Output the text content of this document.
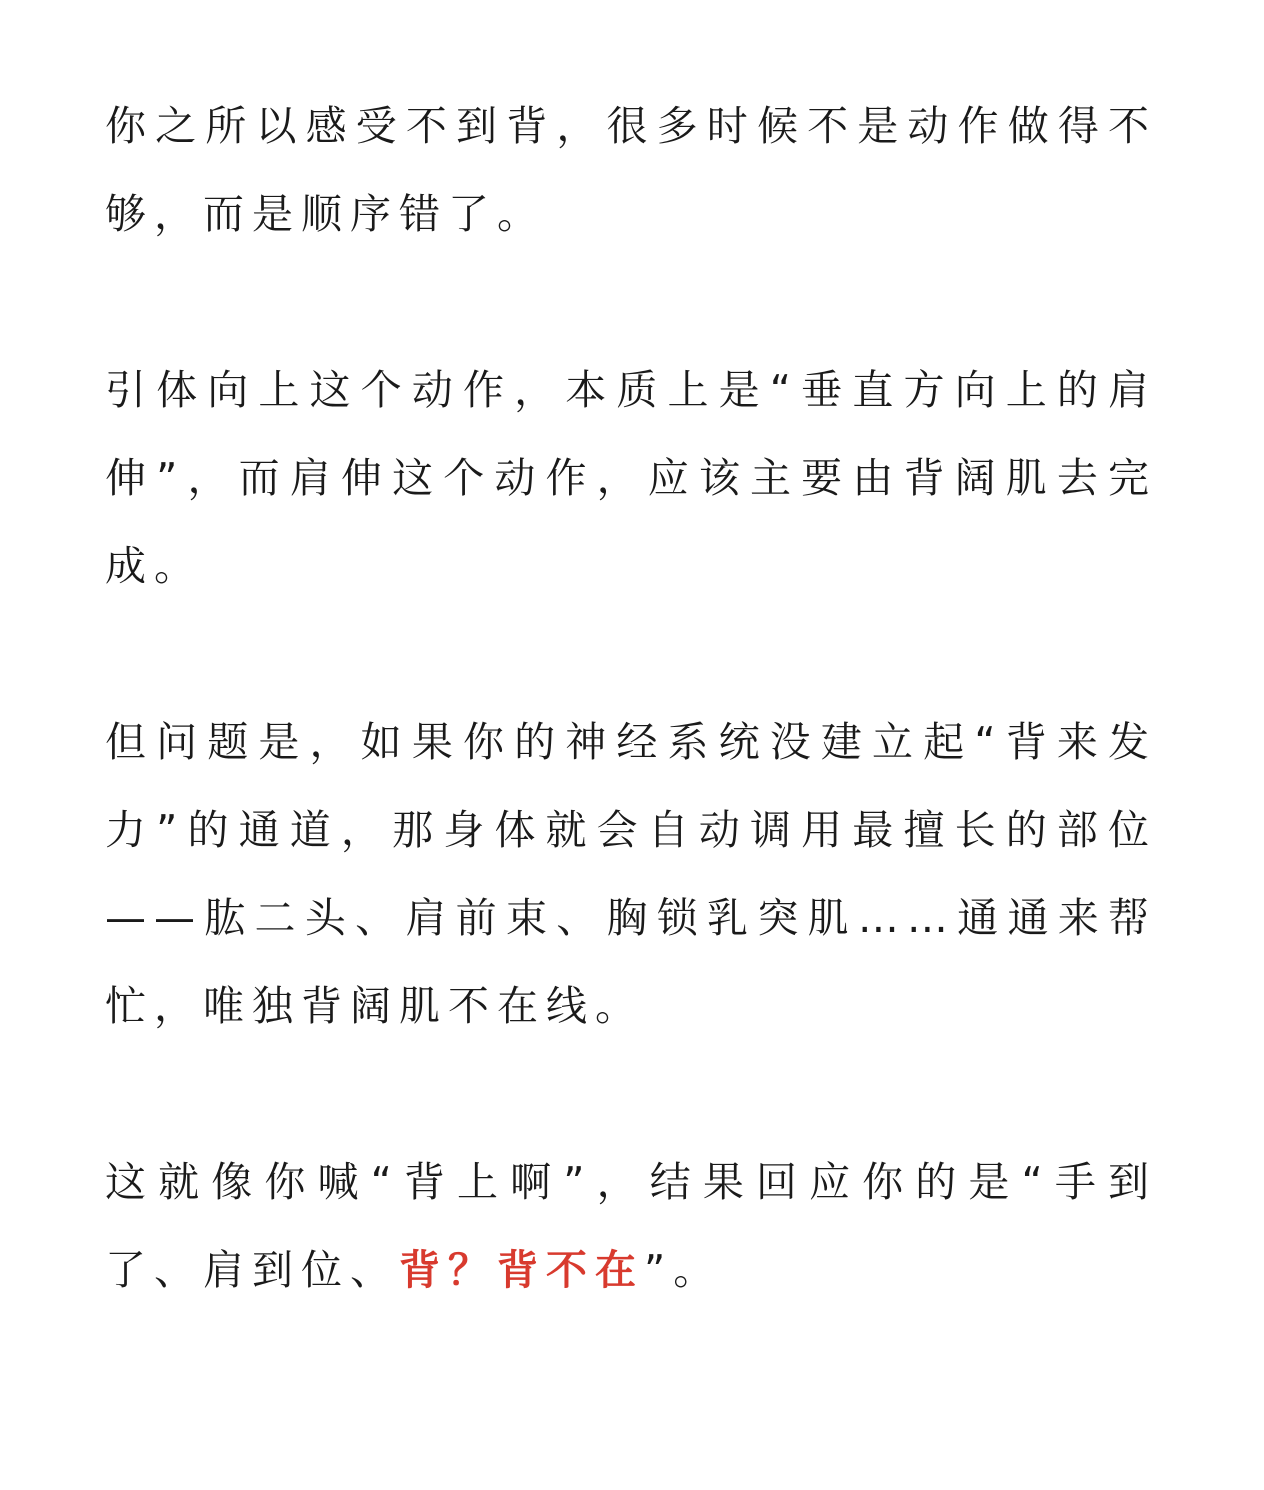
你之所以感受不到背，很多时候不是动作做得不够，而是顺序错了。

引体向上这个动作，本质上是“垂直方向上的肩伸”，而肩伸这个动作，应该主要由背阔肌去完成。

但问题是，如果你的神经系统没建立起“背来发力”的通道，那身体就会自动调用最擅长的部位——肱二头、肩前束、胸锁乳突肌……通通来帮忙，唯独背阔肌不在线。

这就像你喊“背上啊”，结果回应你的是“手到了、肩到位、背？背不在”。
